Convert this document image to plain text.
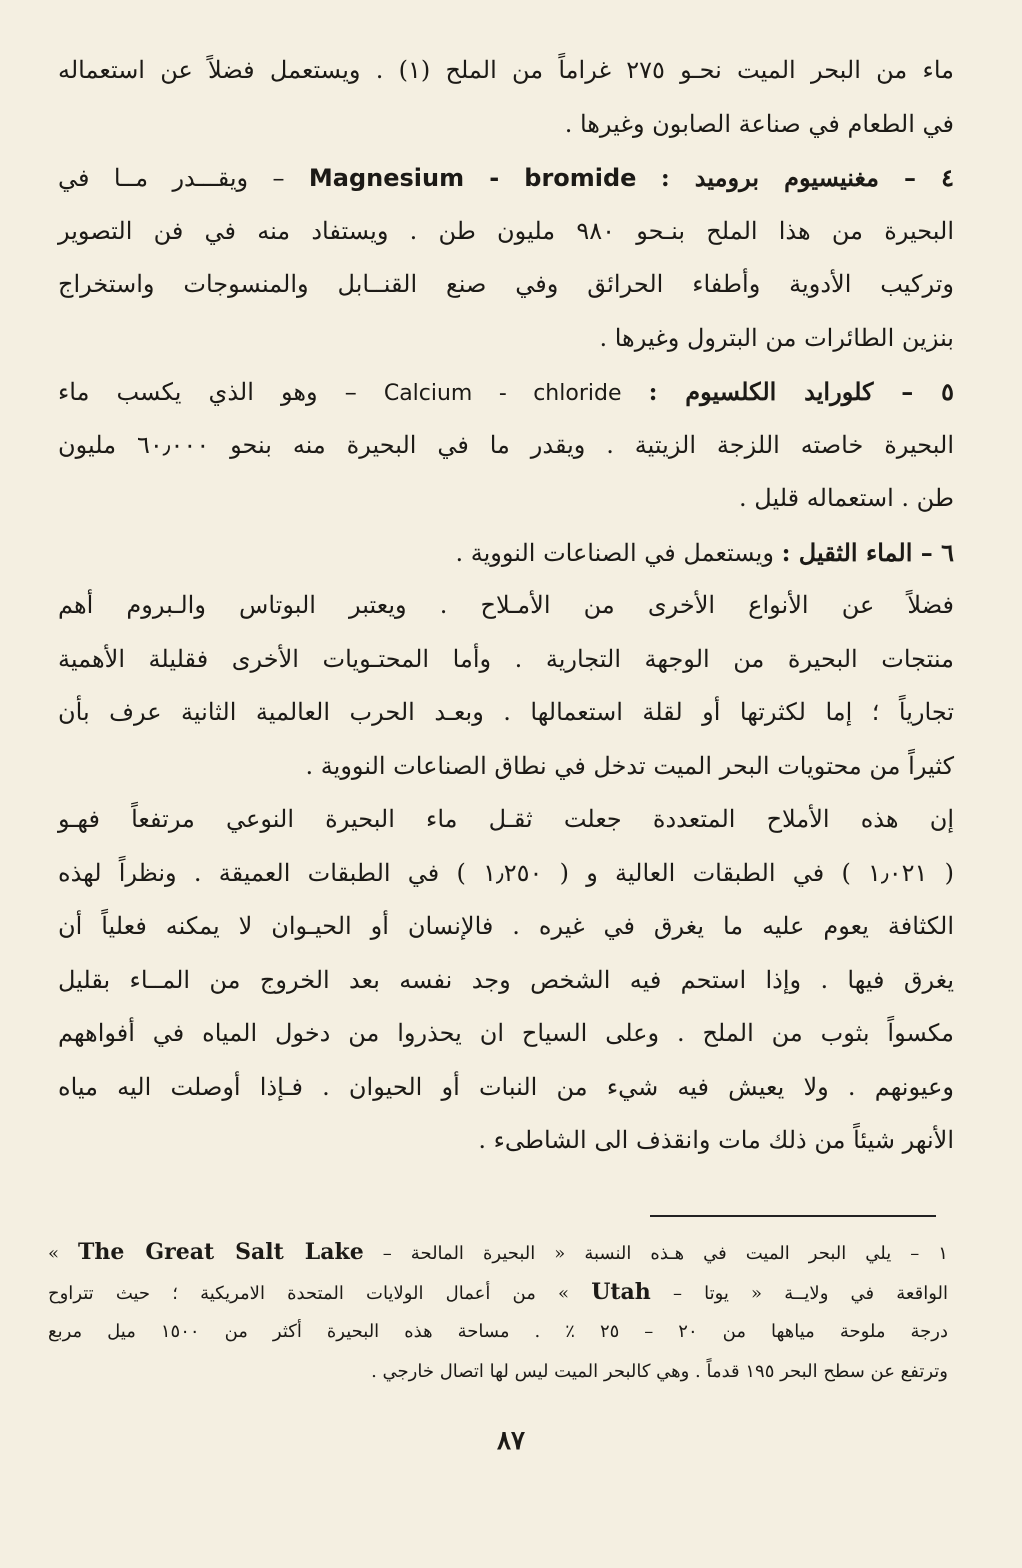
ماء من البحر الميت نحـو ٢٧٥ غراماً من الملح (١) . ويستعمل فضلاً عن استعماله
في الطعام في صناعة الصابون وغيرها .
٤ – مغنيسيوم بروميد : Magnesium - bromide – ويقـــدر مــا في
البحيرة من هذا الملح بنـحو ٩٨٠ مليون طن . ويستفاد منه في فن التصوير
وتركيب الأدوية وأطفاء الحرائق وفي صنع القنــابل والمنسوجات واستخراج
بنزين الطائرات من البترول وغيرها .
٥ – كلورايد الكلسيوم : Calcium - chloride – وهو الذي يكسب ماء
البحيرة خاصته اللزجة الزيتية . ويقدر ما في البحيرة منه بنحو ٦٠٫٠٠٠ مليون
طن . استعماله قليل .
٦ – الماء الثقيل : ويستعمل في الصناعات النووية .
فضلاً عن الأنواع الأخرى من الأمـلاح . ويعتبر البوتاس والـبروم أهم
منتجات البحيرة من الوجهة التجارية . وأما المحتـويات الأخرى فقليلة الأهمية
تجارياً ؛ إما لكثرتها أو لقلة استعمالها . وبعـد الحرب العالمية الثانية عرف بأن
كثيراً من محتويات البحر الميت تدخل في نطاق الصناعات النووية .
إن هذه الأملاح المتعددة جعلت ثقـل ماء البحيرة النوعي مرتفعاً فهـو
( ١٫٠٢١ ) في الطبقات العالية و ( ١٫٢٥٠ ) في الطبقات العميقة . ونظراً لهذه
الكثافة يعوم عليه ما يغرق في غيره . فالإنسان أو الحيـوان لا يمكنه فعلياً أن
يغرق فيها . وإذا استحم فيه الشخص وجد نفسه بعد الخروج من المــاء بقليل
مكسواً بثوب من الملح . وعلى السياح ان يحذروا من دخول المياه في أفواههم
وعيونهم . ولا يعيش فيه شيء من النبات أو الحيوان . فـإذا أوصلت اليه مياه
الأنهر شيئاً من ذلك مات وانقذف الى الشاطىء .
١ – يلي البحر الميت في هـذه النسبة « البحيرة المالحة – The Great Salt Lake »
الواقعة في ولايــة « يوتا – Utah » من أعمال الولايات المتحدة الامريكية ؛ حيث تتراوح
درجة ملوحة مياهها من ٢٠ – ٢٥ ٪ . مساحة هذه البحيرة أكثر من ١٥٠٠ ميل مربع
وترتفع عن سطح البحر ١٩٥ قدماً . وهي كالبحر الميت ليس لها اتصال خارجي .
٨٧
